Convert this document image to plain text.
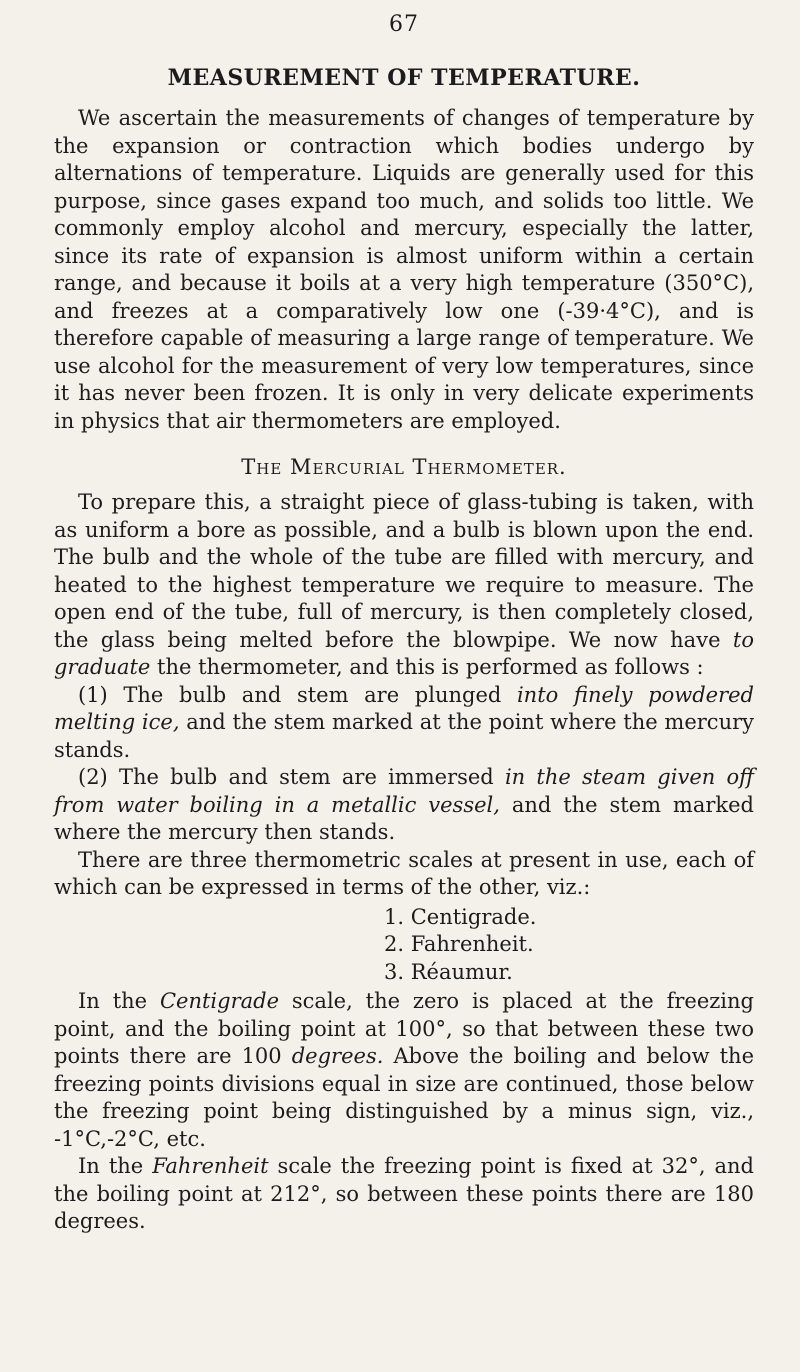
67
MEASUREMENT OF TEMPERATURE.

We ascertain the measurements of changes of temperature by the expansion or contraction which bodies undergo by alternations of temperature. Liquids are generally used for this purpose, since gases expand too much, and solids too little. We commonly employ alcohol and mercury, especially the latter, since its rate of expansion is almost uniform within a certain range, and because it boils at a very high temperature (350°C), and freezes at a comparatively low one (-39·4°C), and is therefore capable of measuring a large range of temperature. We use alcohol for the measurement of very low temperatures, since it has never been frozen. It is only in very delicate experiments in physics that air thermometers are employed.

The Mercurial Thermometer.

To prepare this, a straight piece of glass-tubing is taken, with as uniform a bore as possible, and a bulb is blown upon the end. The bulb and the whole of the tube are filled with mercury, and heated to the highest temperature we require to measure. The open end of the tube, full of mercury, is then completely closed, the glass being melted before the blowpipe. We now have to graduate the thermometer, and this is performed as follows :

(1) The bulb and stem are plunged into finely powdered melting ice, and the stem marked at the point where the mercury stands.

(2) The bulb and stem are immersed in the steam given off from water boiling in a metallic vessel, and the stem marked where the mercury then stands.

There are three thermometric scales at present in use, each of which can be expressed in terms of the other, viz.:

1. Centigrade.
2. Fahrenheit.
3. Réaumur.

In the Centigrade scale, the zero is placed at the freezing point, and the boiling point at 100°, so that between these two points there are 100 degrees. Above the boiling and below the freezing points divisions equal in size are continued, those below the freezing point being distinguished by a minus sign, viz., -1°C,-2°C, etc.

In the Fahrenheit scale the freezing point is fixed at 32°, and the boiling point at 212°, so between these points there are 180 degrees.
